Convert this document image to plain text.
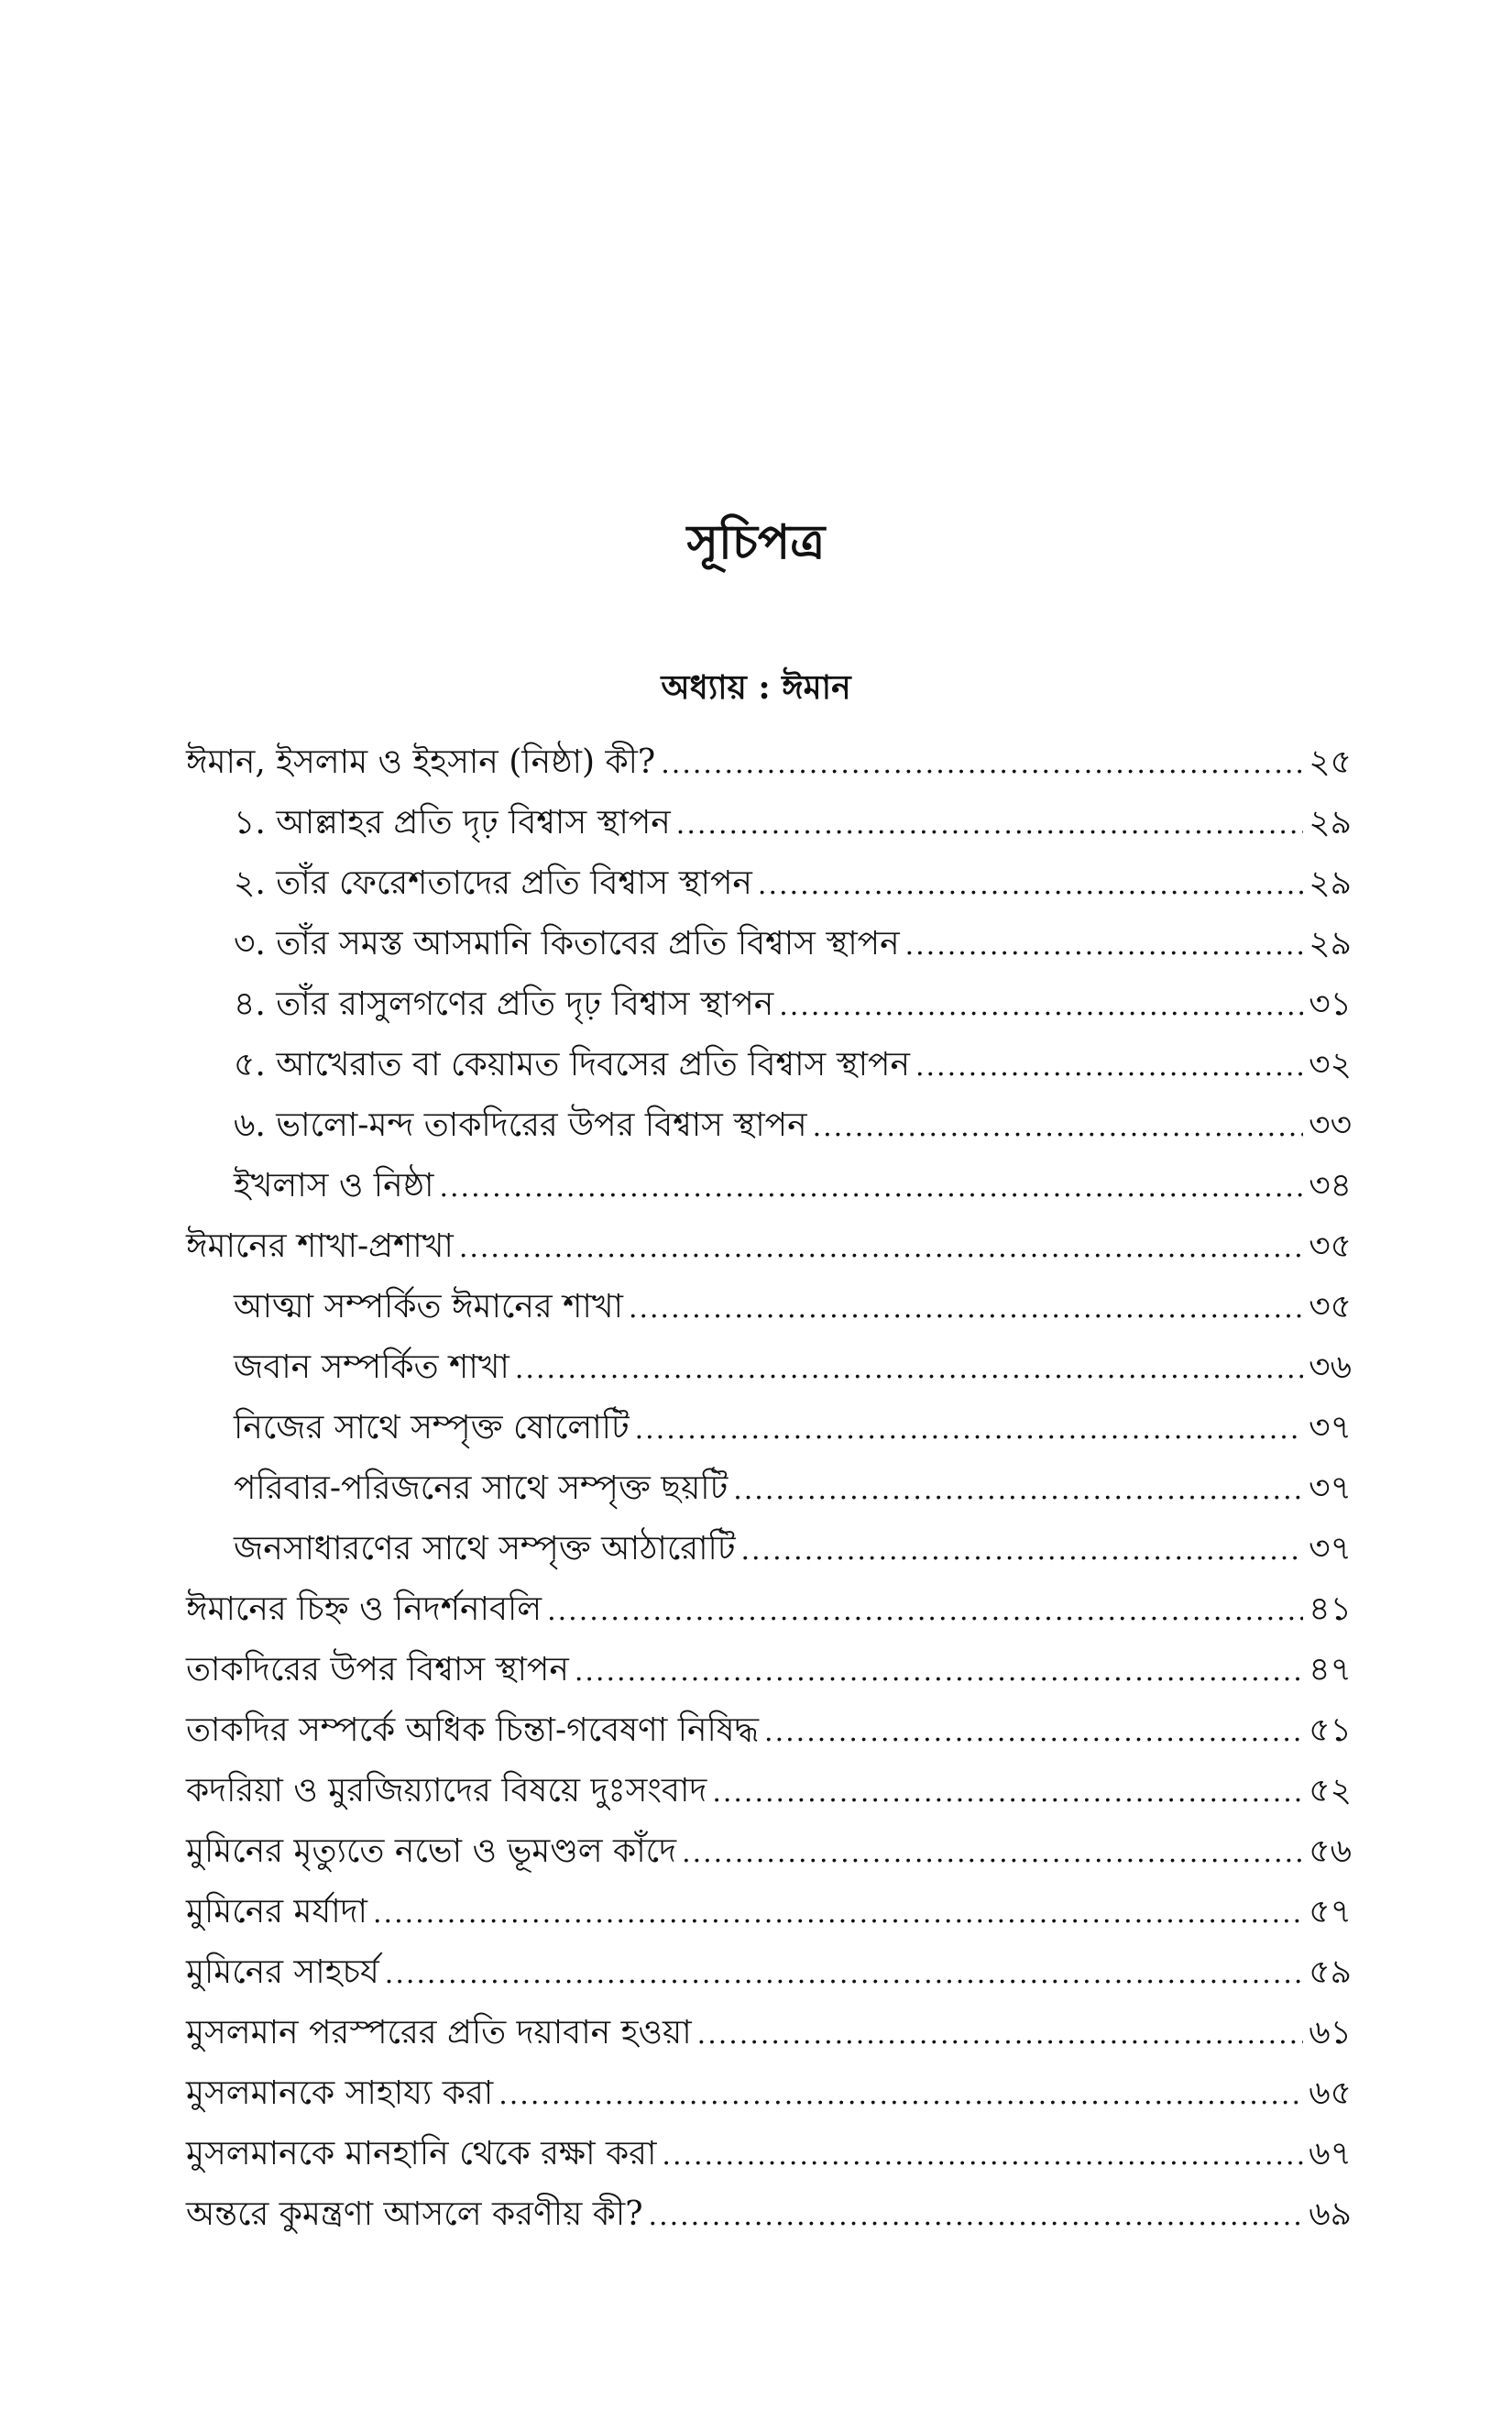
সূচিপত্র
অধ্যায় : ঈমান
ঈমান, ইসলাম ও ইহসান (নিষ্ঠা) কী? .....	২৫
১. আল্লাহর প্রতি দৃঢ় বিশ্বাস স্থাপন .....	২৯
২. তাঁর ফেরেশতাদের প্রতি বিশ্বাস স্থাপন .....	২৯
৩. তাঁর সমস্ত আসমানি কিতাবের প্রতি বিশ্বাস স্থাপন .....	২৯
৪. তাঁর রাসুলগণের প্রতি দৃঢ় বিশ্বাস স্থাপন .....	৩১
৫. আখেরাত বা কেয়ামত দিবসের প্রতি বিশ্বাস স্থাপন .....	৩২
৬. ভালো-মন্দ তাকদিরের উপর বিশ্বাস স্থাপন .....	৩৩
ইখলাস ও নিষ্ঠা .....	৩৪
ঈমানের শাখা-প্রশাখা .....	৩৫
আত্মা সম্পর্কিত ঈমানের শাখা .....	৩৫
জবান সম্পর্কিত শাখা .....	৩৬
নিজের সাথে সম্পৃক্ত ষোলোটি .....	৩৭
পরিবার-পরিজনের সাথে সম্পৃক্ত ছয়টি .....	৩৭
জনসাধারণের সাথে সম্পৃক্ত আঠারোটি .....	৩৭
ঈমানের চিহ্ন ও নিদর্শনাবলি .....	৪১
তাকদিরের উপর বিশ্বাস স্থাপন .....	৪৭
তাকদির সম্পর্কে অধিক চিন্তা-গবেষণা নিষিদ্ধ .....	৫১
কদরিয়া ও মুরজিয়্যাদের বিষয়ে দুঃসংবাদ .....	৫২
মুমিনের মৃত্যুতে নভো ও ভূমণ্ডল কাঁদে .....	৫৬
মুমিনের মর্যাদা .....	৫৭
মুমিনের সাহচর্য .....	৫৯
মুসলমান পরস্পরের প্রতি দয়াবান হওয়া .....	৬১
মুসলমানকে সাহায্য করা .....	৬৫
মুসলমানকে মানহানি থেকে রক্ষা করা .....	৬৭
অন্তরে কুমন্ত্রণা আসলে করণীয় কী? .....	৬৯
